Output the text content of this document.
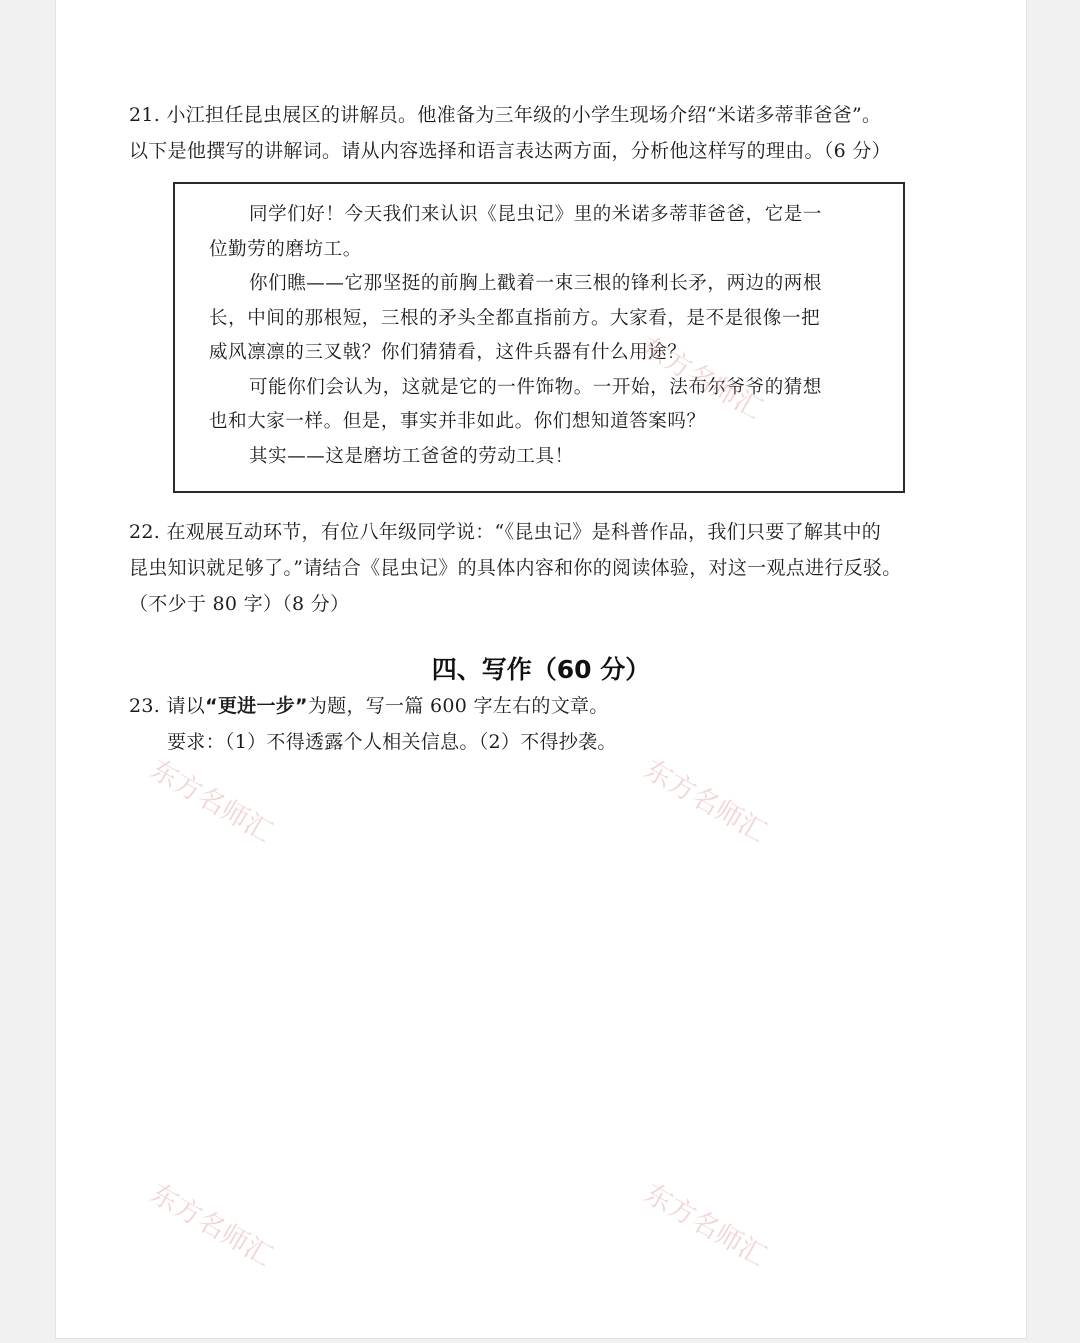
21. 小江担任昆虫展区的讲解员。他准备为三年级的小学生现场介绍“米诺多蒂菲爸爸”。
以下是他撰写的讲解词。请从内容选择和语言表达两方面，分析他这样写的理由。（6 分）
同学们好！今天我们来认识《昆虫记》里的米诺多蒂菲爸爸，它是一
位勤劳的磨坊工。
你们瞧——它那坚挺的前胸上戳着一束三根的锋利长矛，两边的两根
长，中间的那根短，三根的矛头全都直指前方。大家看，是不是很像一把
威风凛凛的三叉戟？你们猜猜看，这件兵器有什么用途？
可能你们会认为，这就是它的一件饰物。一开始，法布尔爷爷的猜想
也和大家一样。但是，事实并非如此。你们想知道答案吗？
其实——这是磨坊工爸爸的劳动工具！
22. 在观展互动环节，有位八年级同学说：“《昆虫记》是科普作品，我们只要了解其中的
昆虫知识就足够了。”请结合《昆虫记》的具体内容和你的阅读体验，对这一观点进行反驳。
（不少于 80 字）（8 分）
四、写作（60 分）
23. 请以“更进一步”为题，写一篇 600 字左右的文章。
要求：（1）不得透露个人相关信息。（2）不得抄袭。
东方名师汇
东方名师汇	东方名师汇
东方名师汇	东方名师汇
